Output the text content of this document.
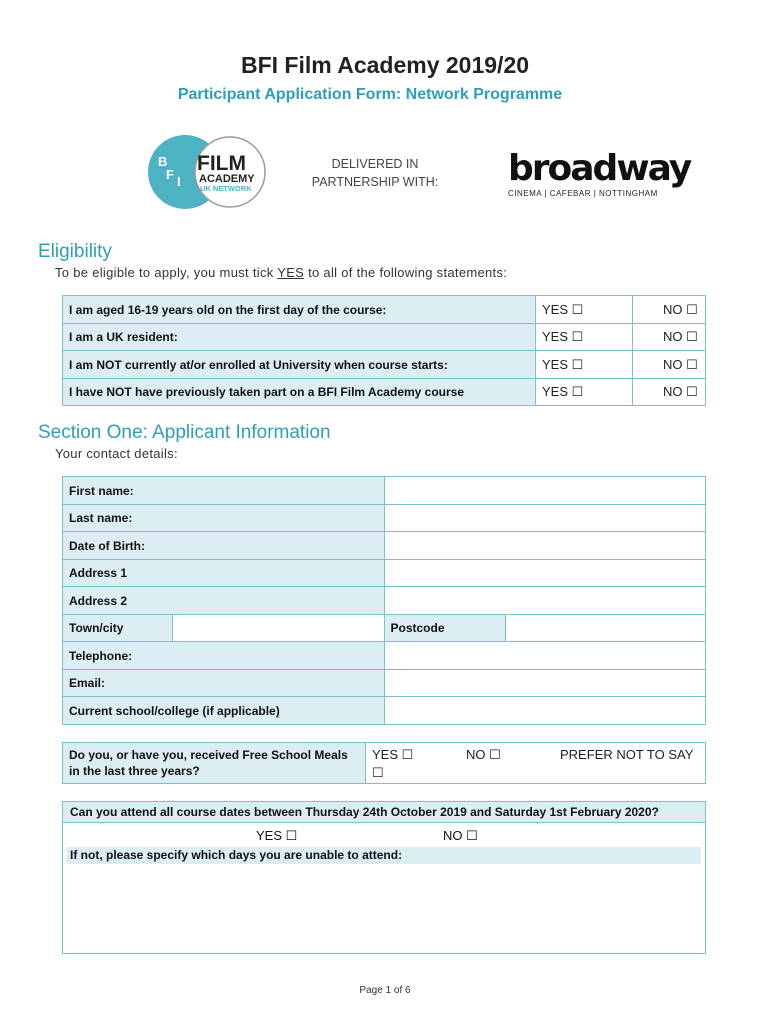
BFI Film Academy 2019/20
Participant Application Form: Network Programme
B
F I
FILM
ACADEMY
UK NETWORK
DELIVERED IN
PARTNERSHIP WITH:	broadway
CINEMA | CAFEBAR | NOTTINGHAM
Eligibility
To be eligible to apply, you must tick YES to all of the following statements:
I am aged 16-19 years old on the first day of the course:	YES ☐	NO ☐
I am a UK resident:	YES ☐	NO ☐
I am NOT currently at/or enrolled at University when course starts:	YES ☐	NO ☐
I have NOT have previously taken part on a BFI Film Academy course	YES ☐	NO ☐
Section One: Applicant Information
Your contact details:
First name:			
Last name:			
Date of Birth:			
Address 1			
Address 2			
Town/city		Postcode	
Telephone:			
Email:			
Current school/college (if applicable)			
Do you, or have you, received Free School Meals in the last three years?	YES ☐	NO ☐	PREFER NOT TO SAY
☐
Can you attend all course dates between Thursday 24th October 2019 and Saturday 1st February 2020?
YES ☐	NO ☐
If not, please specify which days you are unable to attend:
Page 1 of 6
